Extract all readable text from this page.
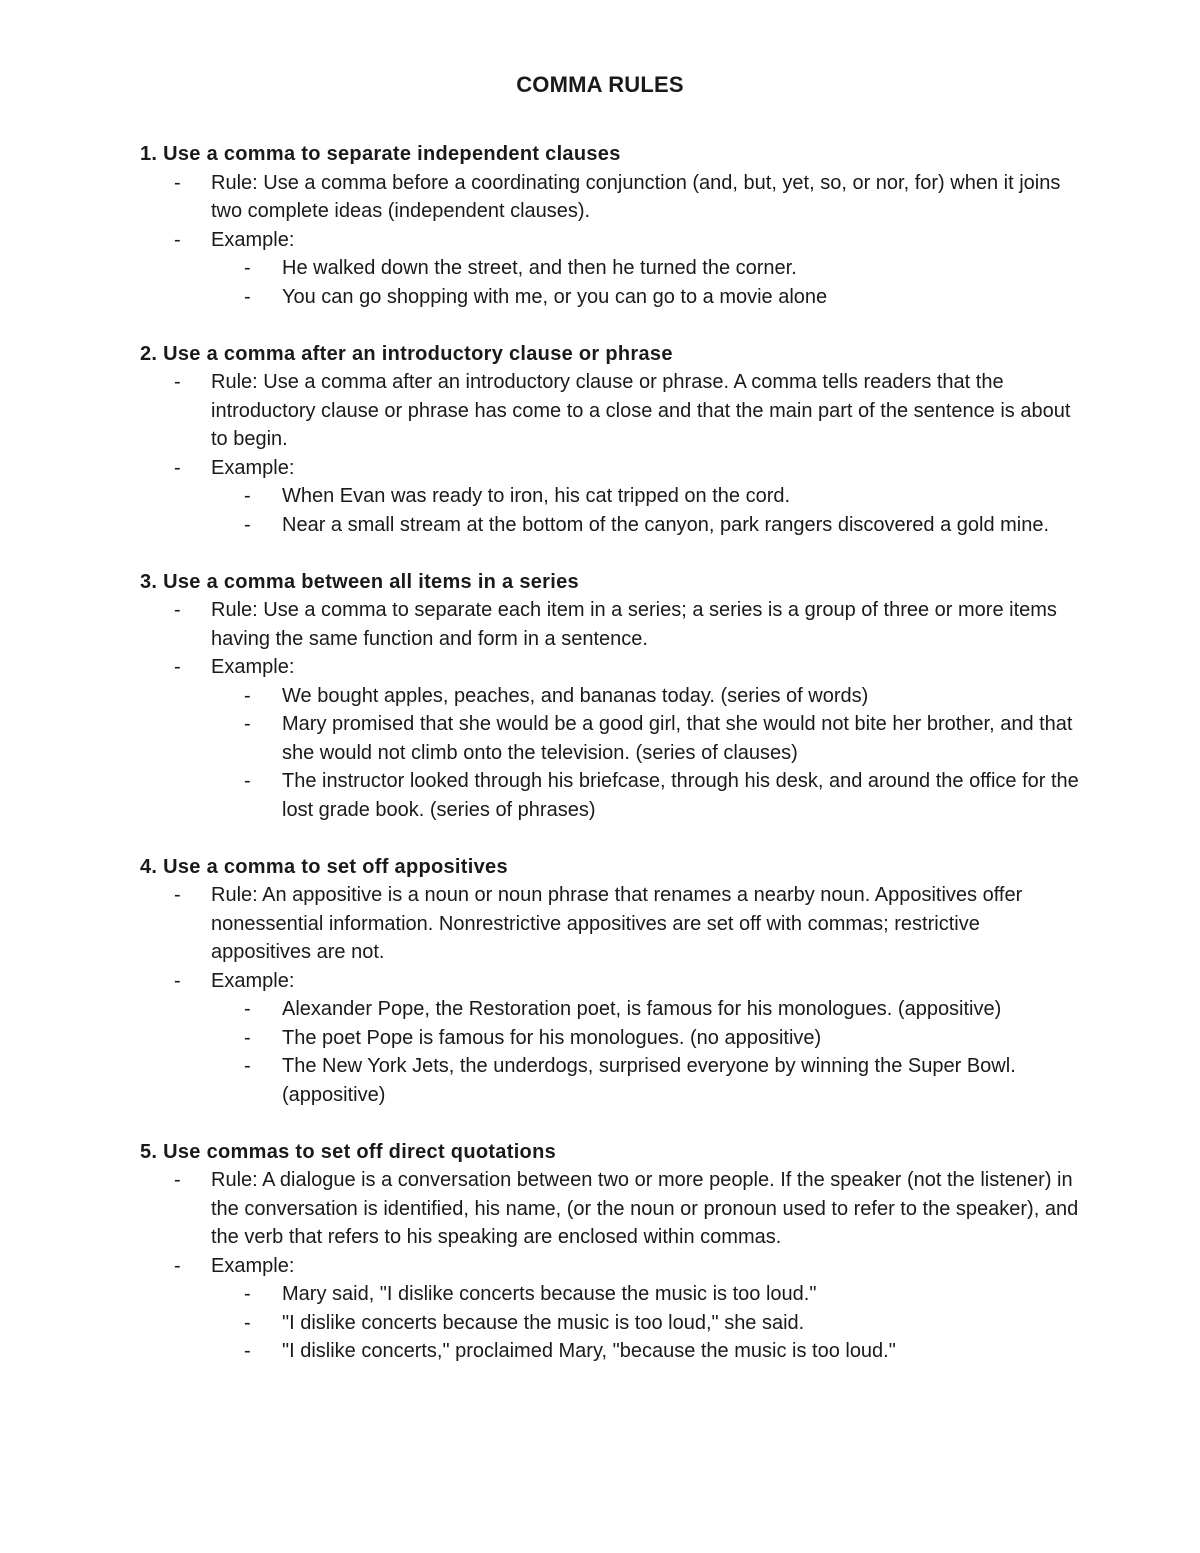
COMMA RULES

1. Use a comma to separate independent clauses

- Rule: Use a comma before a coordinating conjunction (and, but, yet, so, or nor, for) when it joins two complete ideas (independent clauses).

- Example:

- He walked down the street, and then he turned the corner.

- You can go shopping with me, or you can go to a movie alone

2. Use a comma after an introductory clause or phrase

- Rule: Use a comma after an introductory clause or phrase. A comma tells readers that the introductory clause or phrase has come to a close and that the main part of the sentence is about to begin.

- Example:

- When Evan was ready to iron, his cat tripped on the cord.

- Near a small stream at the bottom of the canyon, park rangers discovered a gold mine.

3. Use a comma between all items in a series

- Rule: Use a comma to separate each item in a series; a series is a group of three or more items having the same function and form in a sentence.

- Example:

- We bought apples, peaches, and bananas today. (series of words)

- Mary promised that she would be a good girl, that she would not bite her brother, and that she would not climb onto the television. (series of clauses)

- The instructor looked through his briefcase, through his desk, and around the office for the lost grade book. (series of phrases)

4. Use a comma to set off appositives

- Rule: An appositive is a noun or noun phrase that renames a nearby noun. Appositives offer nonessential information. Nonrestrictive appositives are set off with commas; restrictive appositives are not.

- Example:

- Alexander Pope, the Restoration poet, is famous for his monologues. (appositive)

- The poet Pope is famous for his monologues. (no appositive)

- The New York Jets, the underdogs, surprised everyone by winning the Super Bowl. (appositive)

5. Use commas to set off direct quotations

- Rule: A dialogue is a conversation between two or more people. If the speaker (not the listener) in the conversation is identified, his name, (or the noun or pronoun used to refer to the speaker), and the verb that refers to his speaking are enclosed within commas.

- Example:

- Mary said, "I dislike concerts because the music is too loud."

- "I dislike concerts because the music is too loud," she said.

- "I dislike concerts," proclaimed Mary, "because the music is too loud."
